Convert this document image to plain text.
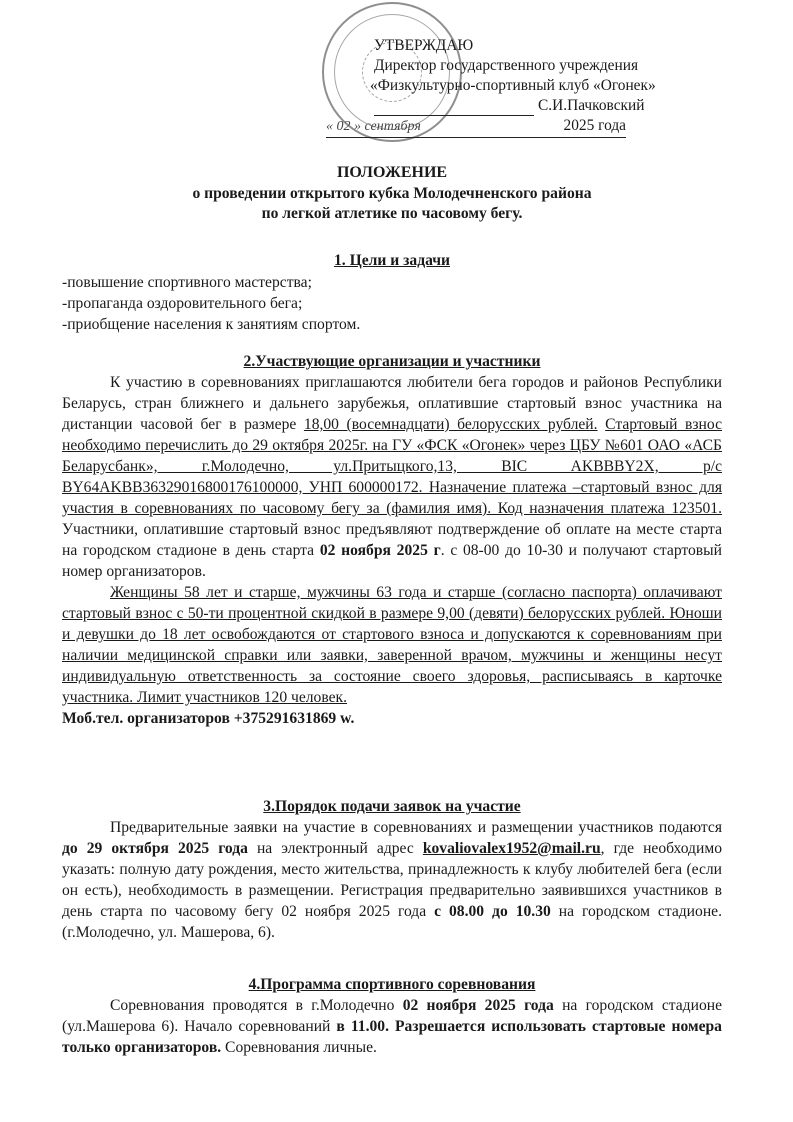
УТВЕРЖДАЮ
Директор государственного учреждения
«Физкультурно-спортивный клуб «Огонек»
С.И.Пачковский
« 02 » сентября	2025 года
ПОЛОЖЕНИЕ
о проведении открытого кубка Молодечненского района
по легкой атлетике по часовому бегу.
1. Цели и задачи
-повышение спортивного мастерства;
-пропаганда оздоровительного бега;
-приобщение населения к занятиям спортом.
2.Участвующие организации и участники

К участию в соревнованиях приглашаются любители бега городов и районов Республики Беларусь, стран ближнего и дальнего зарубежья, оплатившие стартовый взнос участника на дистанции часовой бег в размере 18,00 (восемнадцати) белорусских рублей. Стартовый взнос необходимо перечислить до 29 октября 2025г. на ГУ «ФСК «Огонек» через ЦБУ №601 ОАО «АСБ Беларусбанк», г.Молодечно, ул.Притыцкого,13, BIC AKBBBY2X, р/с BY64AKBB36329016800176100000, УНП 600000172. Назначение платежа –стартовый взнос для участия в соревнованиях по часовому бегу за (фамилия имя). Код назначения платежа 123501. Участники, оплатившие стартовый взнос предъявляют подтверждение об оплате на месте старта на городском стадионе в день старта 02 ноября 2025 г. с 08-00 до 10-30 и получают стартовый номер организаторов.

Женщины 58 лет и старше, мужчины 63 года и старше (согласно паспорта) оплачивают стартовый взнос с 50-ти процентной скидкой в размере 9,00 (девяти) белорусских рублей. Юноши и девушки до 18 лет освобождаются от стартового взноса и допускаются к соревнованиям при наличии медицинской справки или заявки, заверенной врачом, мужчины и женщины несут индивидуальную ответственность за состояние своего здоровья, расписываясь в карточке участника. Лимит участников 120 человек.

Моб.тел. организаторов +375291631869 w.

3.Порядок подачи заявок на участие

Предварительные заявки на участие в соревнованиях и размещении участников подаются до 29 октября 2025 года на электронный адрес kovaliovalex1952@mail.ru, где необходимо указать: полную дату рождения, место жительства, принадлежность к клубу любителей бега (если он есть), необходимость в размещении. Регистрация предварительно заявившихся участников в день старта по часовому бегу 02 ноября 2025 года с 08.00 до 10.30 на городском стадионе. (г.Молодечно, ул. Машерова, 6).

4.Программа спортивного соревнования

Соревнования проводятся в г.Молодечно 02 ноября 2025 года на городском стадионе (ул.Машерова 6). Начало соревнований в 11.00. Разрешается использовать стартовые номера только организаторов. Соревнования личные.
